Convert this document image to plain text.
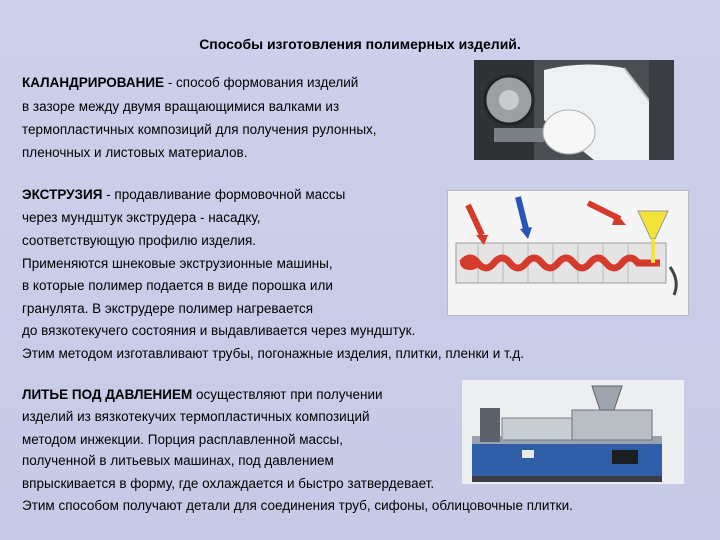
Способы изготовления полимерных изделий.
КАЛАНДРИРОВАНИЕ - способ формования изделий
в зазоре между двумя вращающимися валками из
термопластичных композиций для получения рулонных,
пленочных и листовых материалов.
ЭКСТРУЗИЯ - продавливание формовочной массы
через мундштук экструдера - насадку,
соответствующую профилю изделия.
Применяются шнековые экструзионные машины,
в которые полимер подается в виде порошка или
гранулята. В экструдере полимер нагревается
до вязкотекучего состояния и выдавливается через мундштук.
Этим методом изготавливают трубы, погонажные изделия, плитки, пленки и т.д.
ЛИТЬЕ ПОД ДАВЛЕНИЕМ осуществляют при получении
изделий из вязкотекучих термопластичных композиций
методом инжекции. Порция расплавленной массы,
полученной в литьевых машинах, под давлением
впрыскивается в форму, где охлаждается и быстро затвердевает.
Этим способом получают детали для соединения труб, сифоны, облицовочные плитки.
